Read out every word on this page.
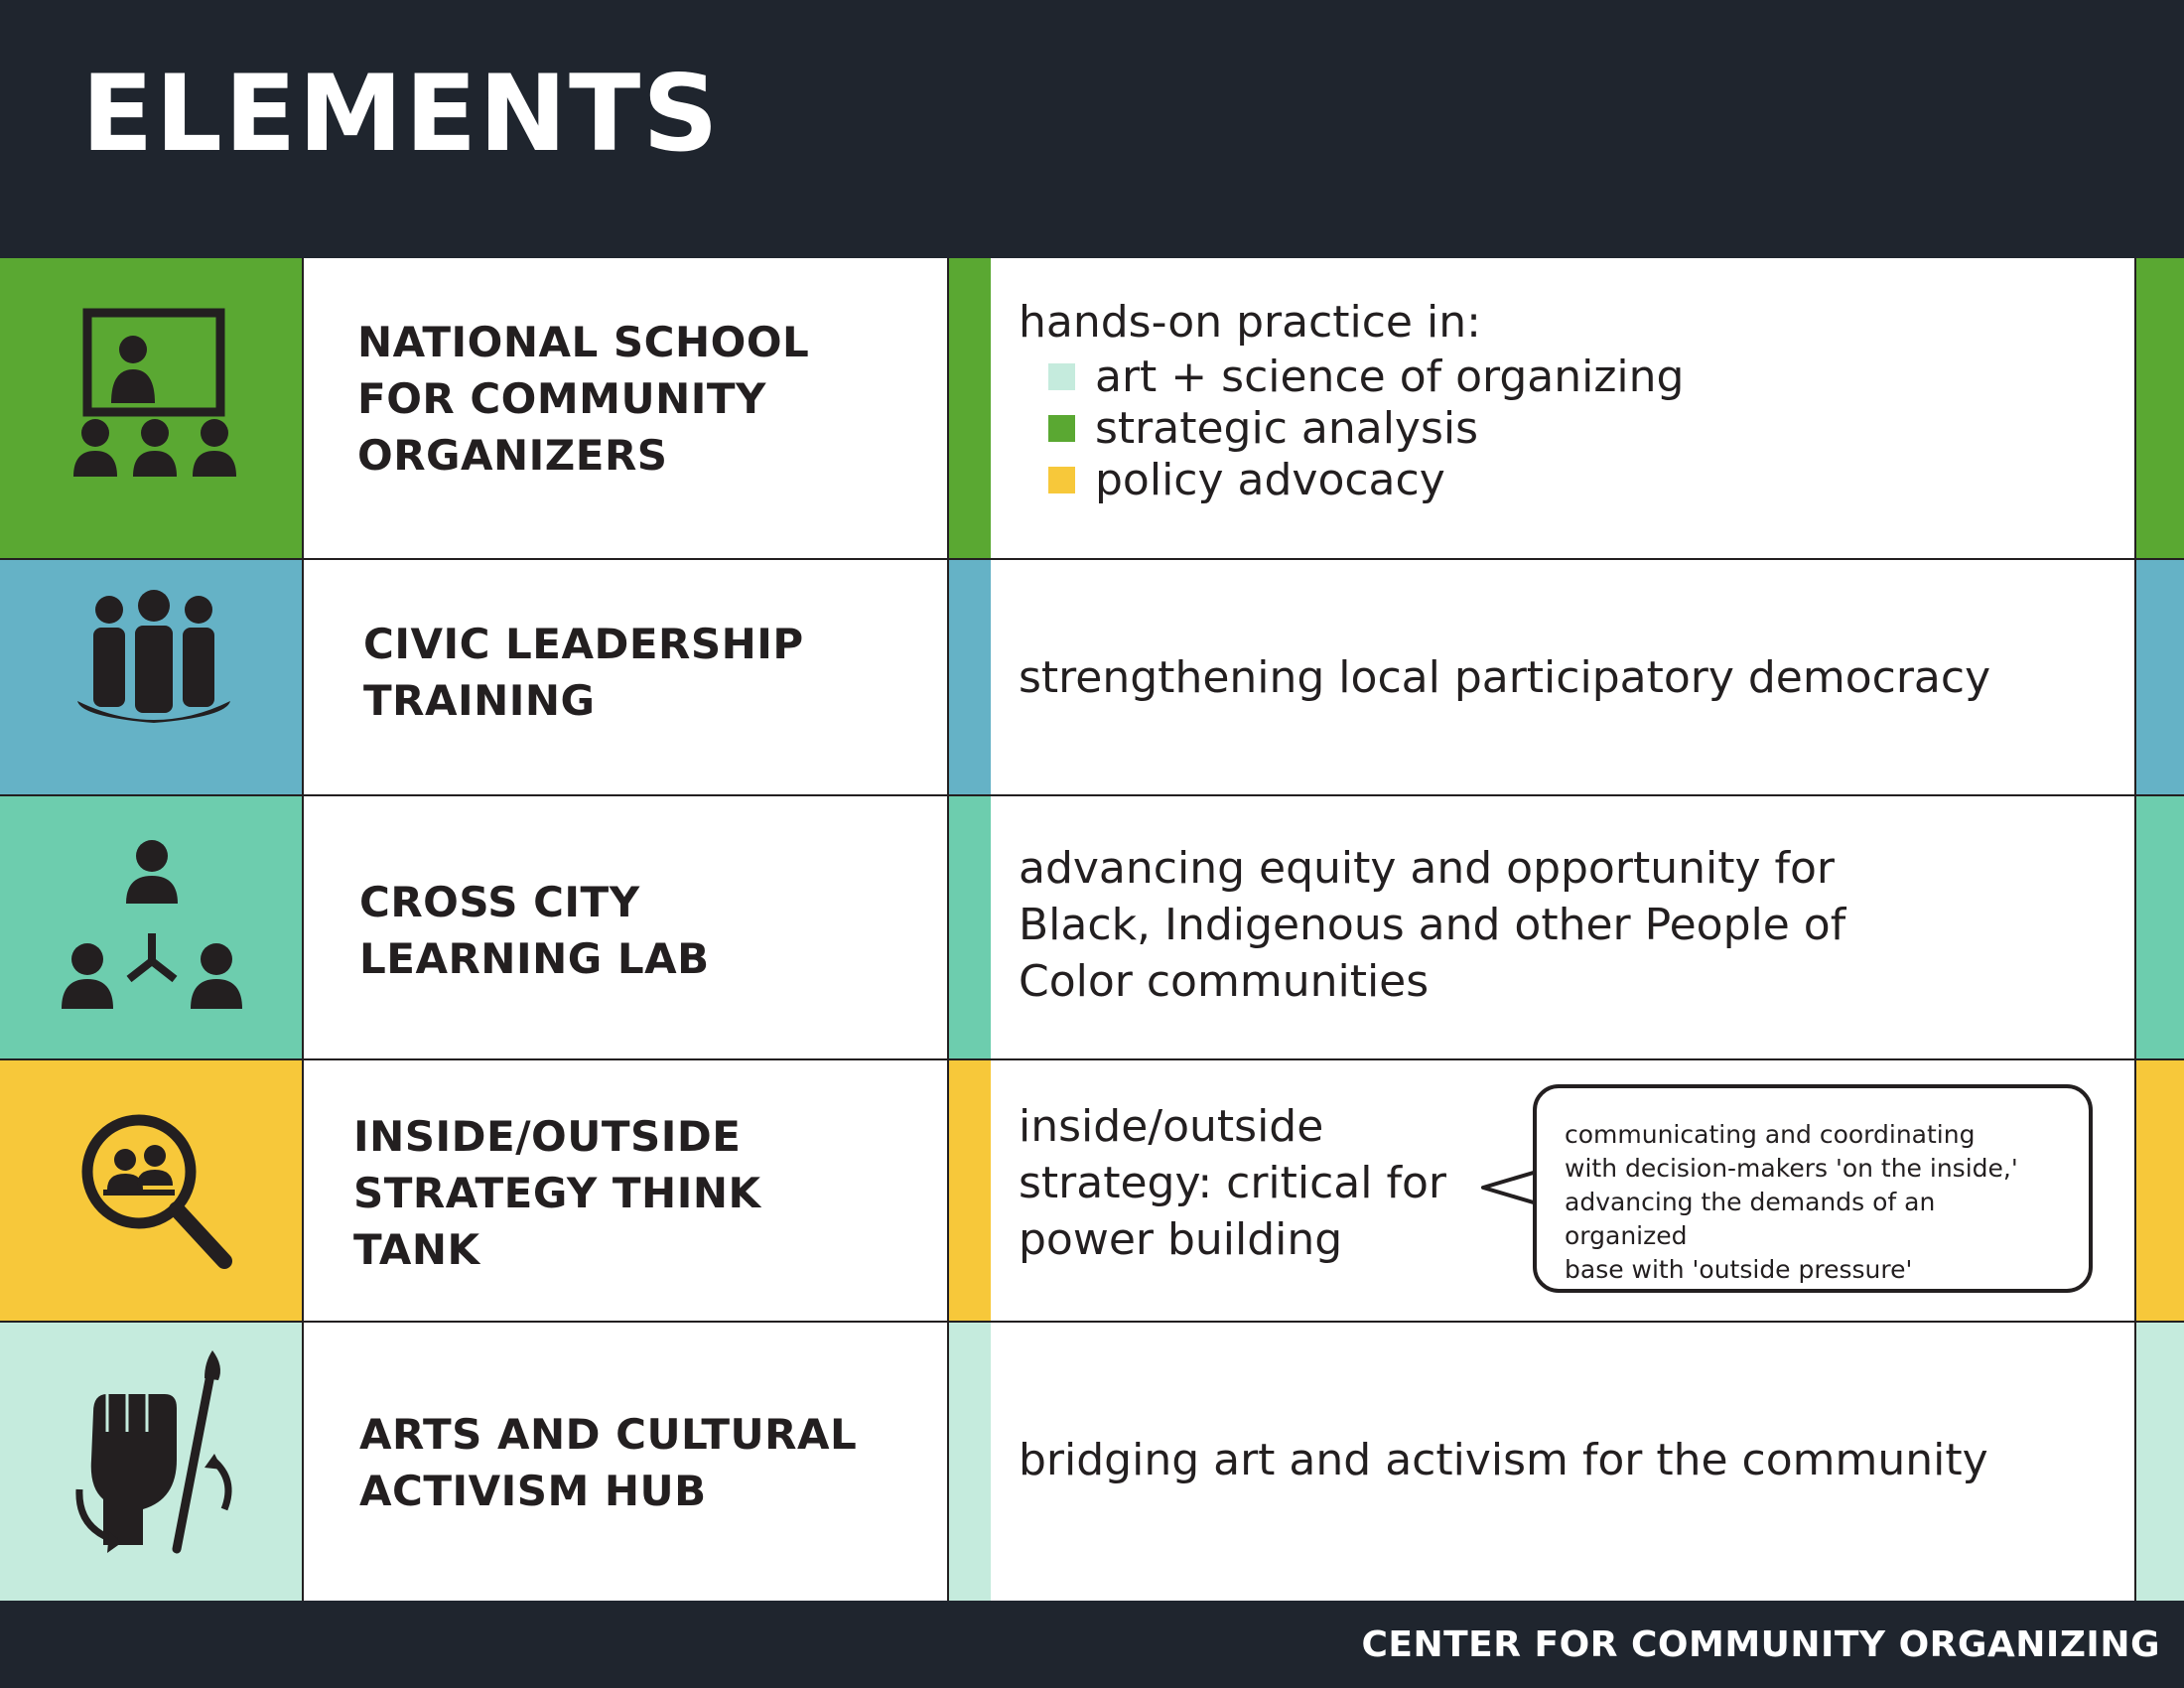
ELEMENTS
NATIONAL SCHOOL
FOR COMMUNITY
ORGANIZERS
hands-on practice in:
art + science of organizing
strategic analysis
policy advocacy
CIVIC LEADERSHIP
TRAINING	strengthening local participatory democracy
CROSS CITY
LEARNING LAB
advancing equity and opportunity for Black, Indigenous and other People of Color communities
INSIDE/OUTSIDE
STRATEGY THINK
TANK
inside/outside strategy: critical for power building
communicating and coordinating
with decision-makers 'on the inside,'
advancing the demands of an organized
base with 'outside pressure'
ARTS AND CULTURAL
ACTIVISM HUB
bridging art and activism for the community
CENTER FOR COMMUNITY ORGANIZING
